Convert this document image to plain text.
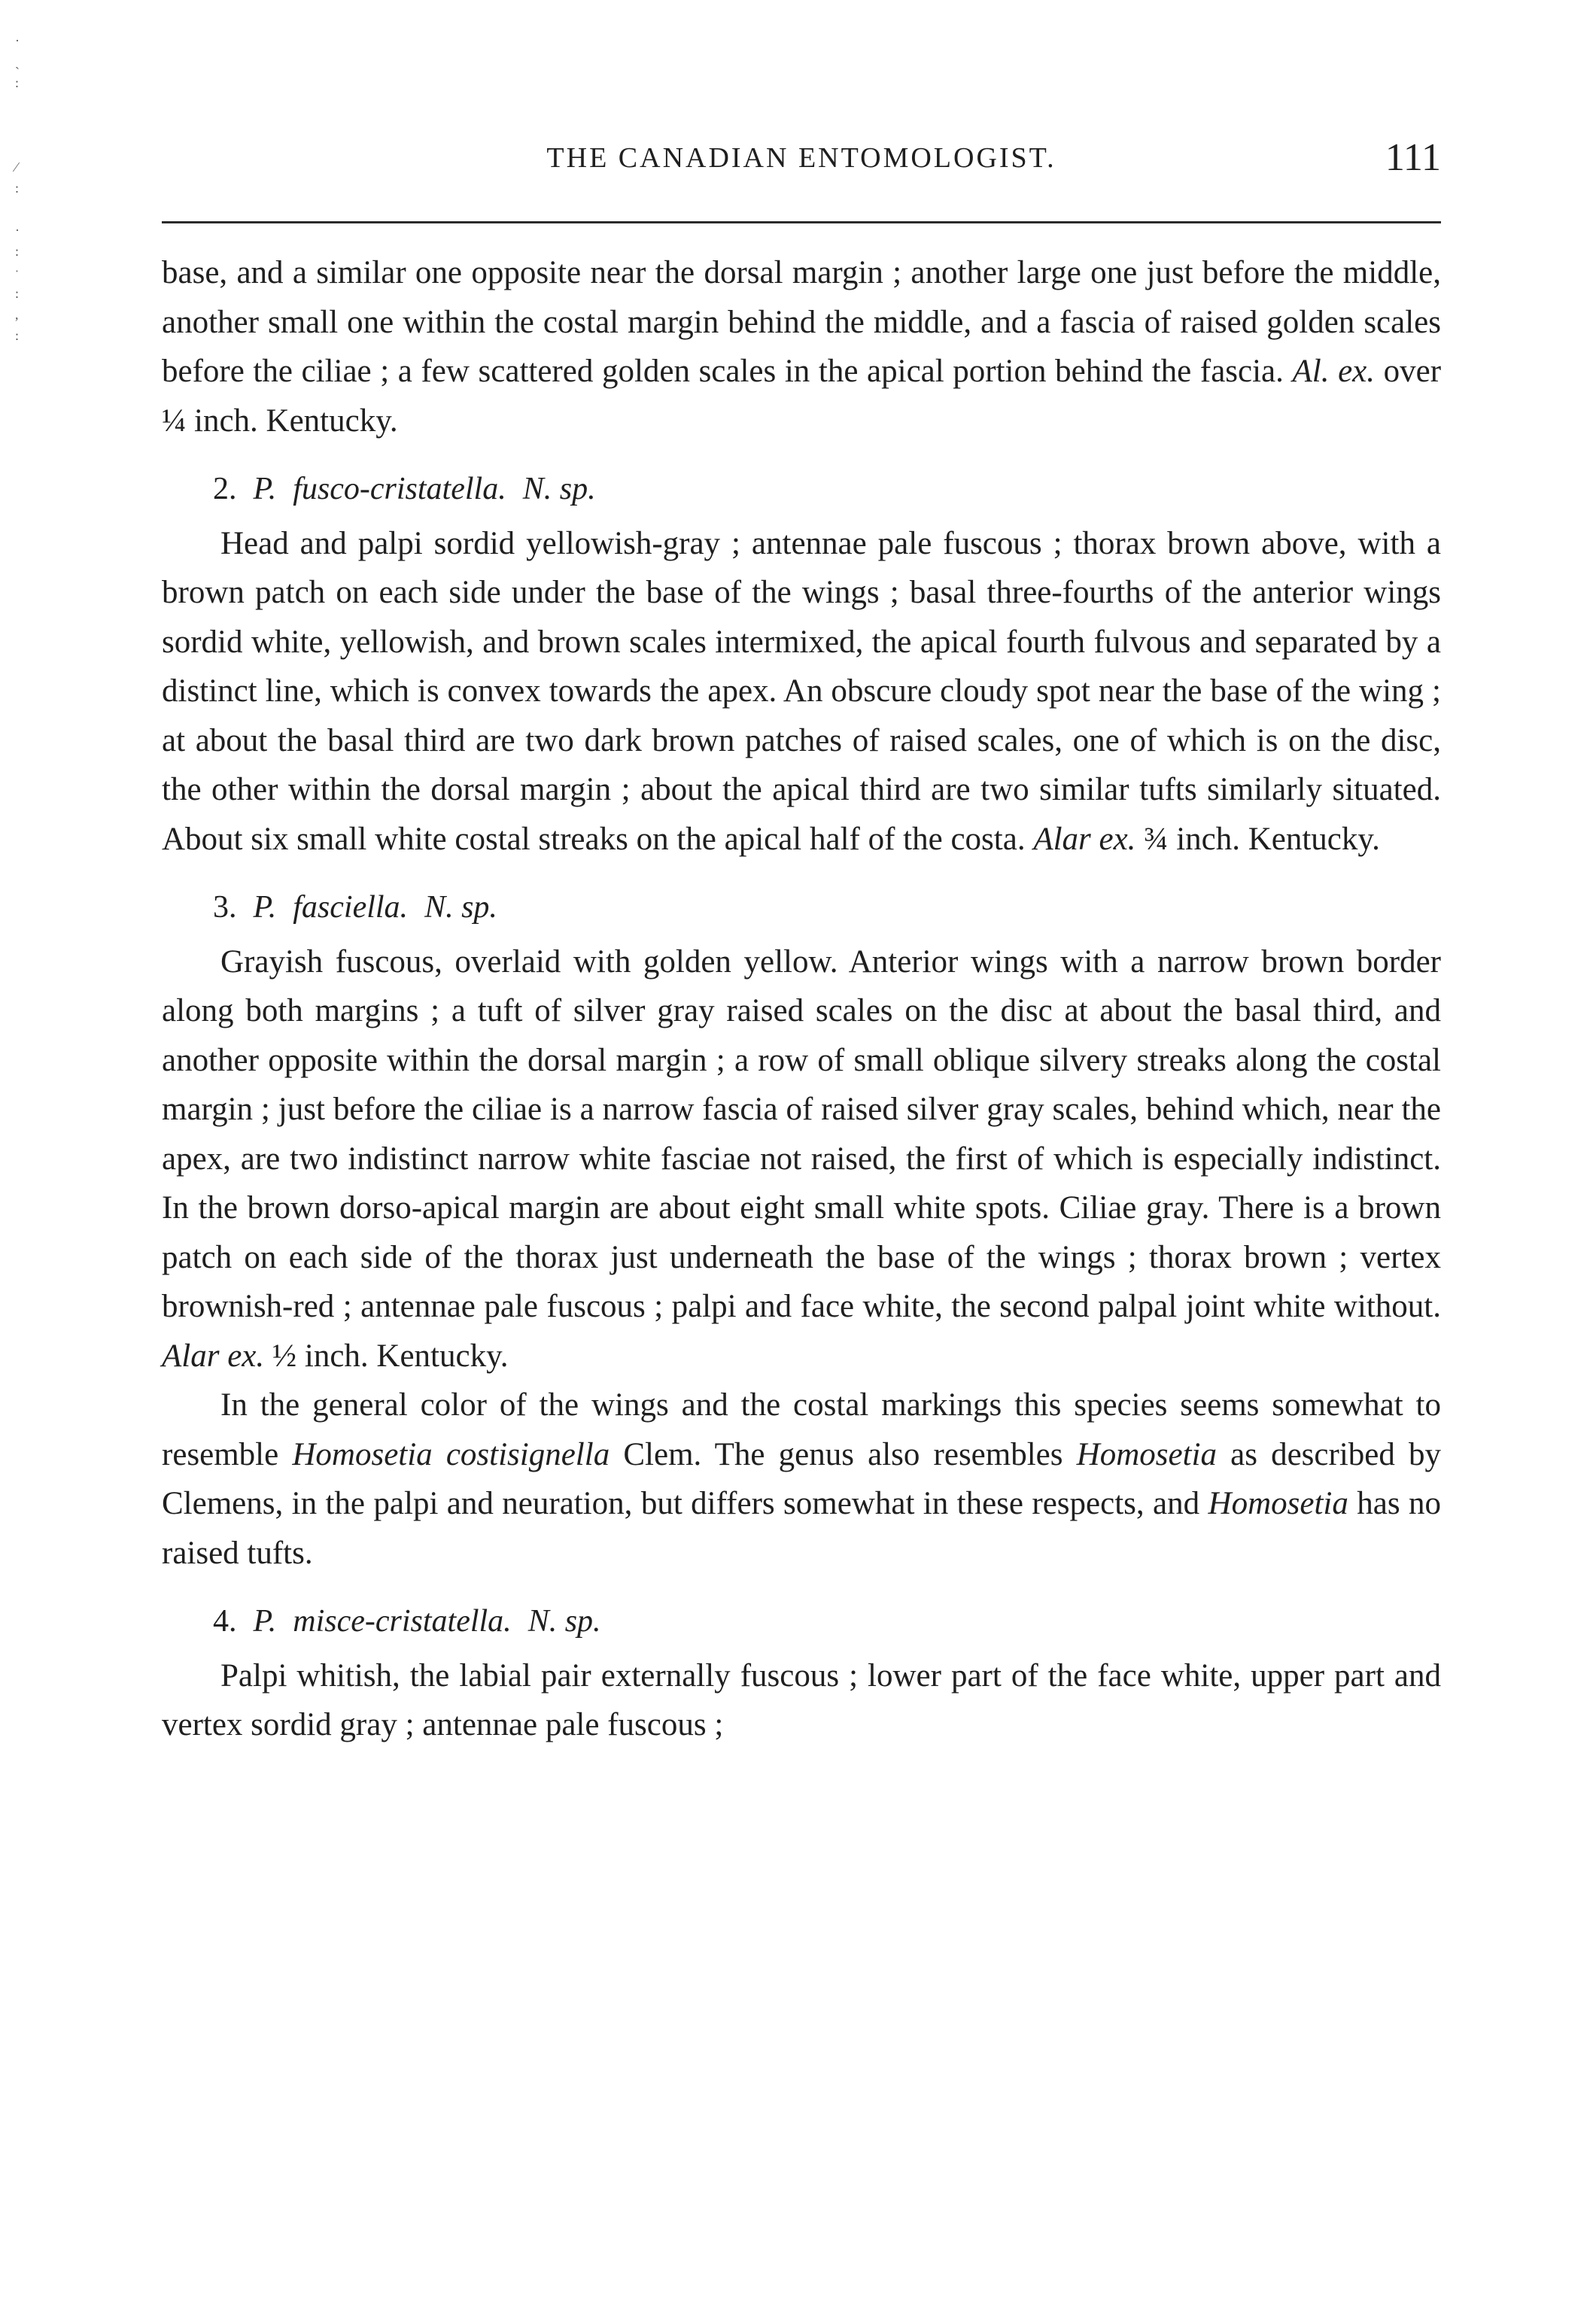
·
ˏ
:

⁄
:

·
:
ˑ
:
,
:
THE CANADIAN ENTOMOLOGIST.	111

base, and a similar one opposite near the dorsal margin ; another large one just before the middle, another small one within the costal margin behind the middle, and a fascia of raised golden scales before the ciliae ; a few scattered golden scales in the apical portion behind the fascia. Al. ex. over ¼ inch. Kentucky.

2. P. fusco-cristatella. N. sp.

Head and palpi sordid yellowish-gray ; antennae pale fuscous ; thorax brown above, with a brown patch on each side under the base of the wings ; basal three-fourths of the anterior wings sordid white, yellowish, and brown scales intermixed, the apical fourth fulvous and separated by a distinct line, which is convex towards the apex. An obscure cloudy spot near the base of the wing ; at about the basal third are two dark brown patches of raised scales, one of which is on the disc, the other within the dorsal margin ; about the apical third are two similar tufts similarly situated. About six small white costal streaks on the apical half of the costa. Alar ex. ¾ inch. Kentucky.

3. P. fasciella. N. sp.

Grayish fuscous, overlaid with golden yellow. Anterior wings with a narrow brown border along both margins ; a tuft of silver gray raised scales on the disc at about the basal third, and another opposite within the dorsal margin ; a row of small oblique silvery streaks along the costal margin ; just before the ciliae is a narrow fascia of raised silver gray scales, behind which, near the apex, are two indistinct narrow white fasciae not raised, the first of which is especially indistinct. In the brown dorso-apical margin are about eight small white spots. Ciliae gray. There is a brown patch on each side of the thorax just underneath the base of the wings ; thorax brown ; vertex brownish-red ; antennae pale fuscous ; palpi and face white, the second palpal joint white without. Alar ex. ½ inch. Kentucky.

In the general color of the wings and the costal markings this species seems somewhat to resemble Homosetia costisignella Clem. The genus also resembles Homosetia as described by Clemens, in the palpi and neuration, but differs somewhat in these respects, and Homosetia has no raised tufts.

4. P. misce-cristatella. N. sp.

Palpi whitish, the labial pair externally fuscous ; lower part of the face white, upper part and vertex sordid gray ; antennae pale fuscous ;
